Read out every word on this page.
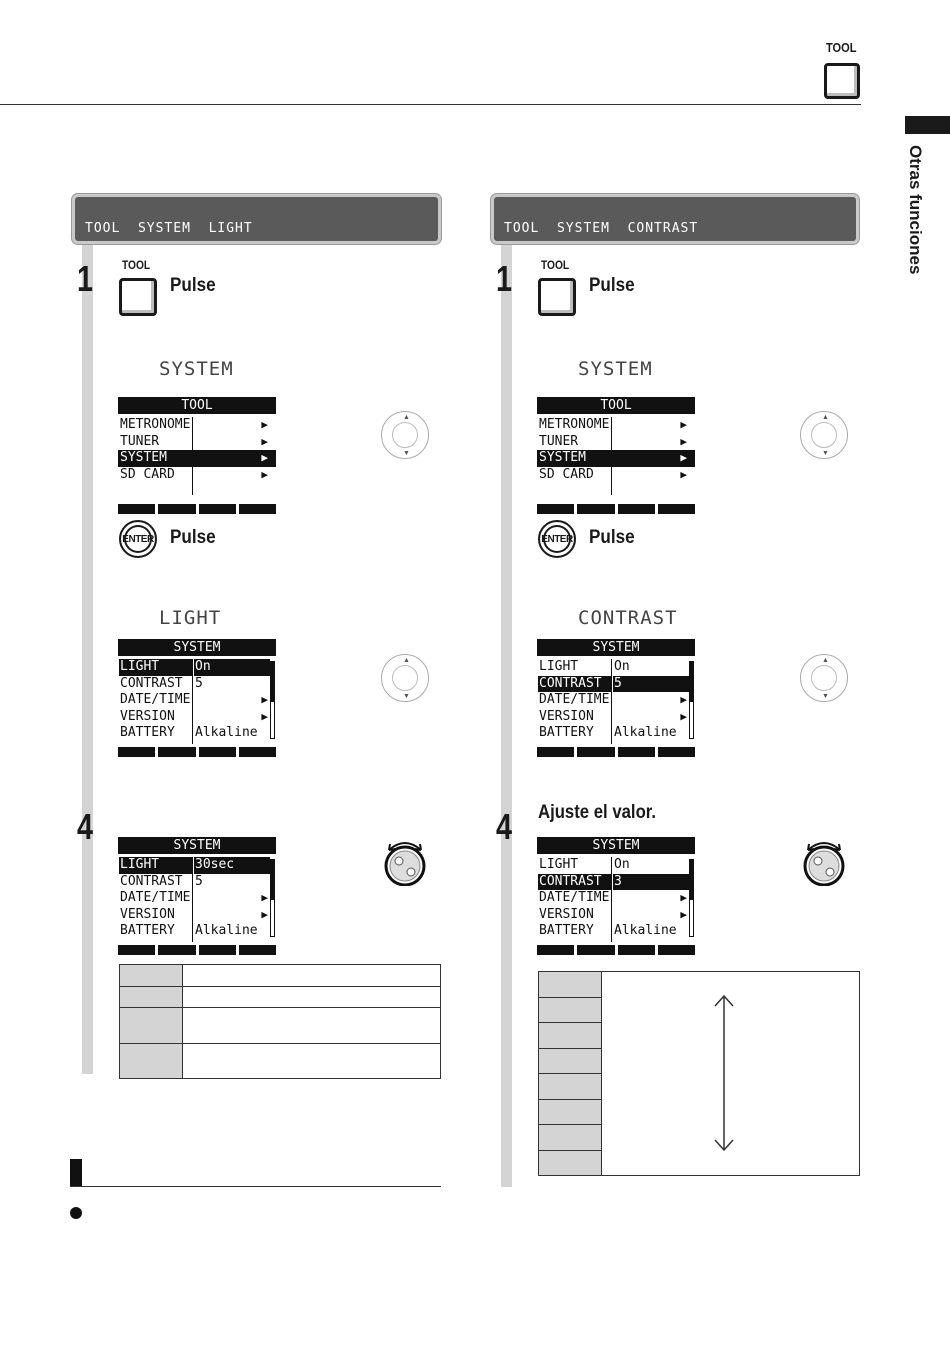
TOOL
Otras funciones
TOOL  SYSTEM  LIGHT
1 TOOL
Pulse
SYSTEM
TOOL
METRONOME	▶
TUNER	▶
SYSTEM	▶
SD CARD	▶
▲
▼
ENTER Pulse
LIGHT
SYSTEM
LIGHT	On
CONTRAST 5
DATE/TIME	▶
VERSION	▶
BATTERY	Alkaline
▲
▼
4	SYSTEM
LIGHT	30sec
CONTRAST 5
DATE/TIME	▶
VERSION	▶
BATTERY	Alkaline

TOOL  SYSTEM  CONTRAST
1 TOOL
Pulse
SYSTEM
TOOL
METRONOME	▶
TUNER	▶
SYSTEM	▶
SD CARD	▶
▲
▼
ENTER Pulse
CONTRAST
SYSTEM
LIGHT	On
CONTRAST 5
DATE/TIME	▶
VERSION	▶
BATTERY	Alkaline
▲
▼
4 Ajuste el valor.
SYSTEM
LIGHT	On
CONTRAST 3
DATE/TIME	▶
VERSION	▶
BATTERY	Alkaline
